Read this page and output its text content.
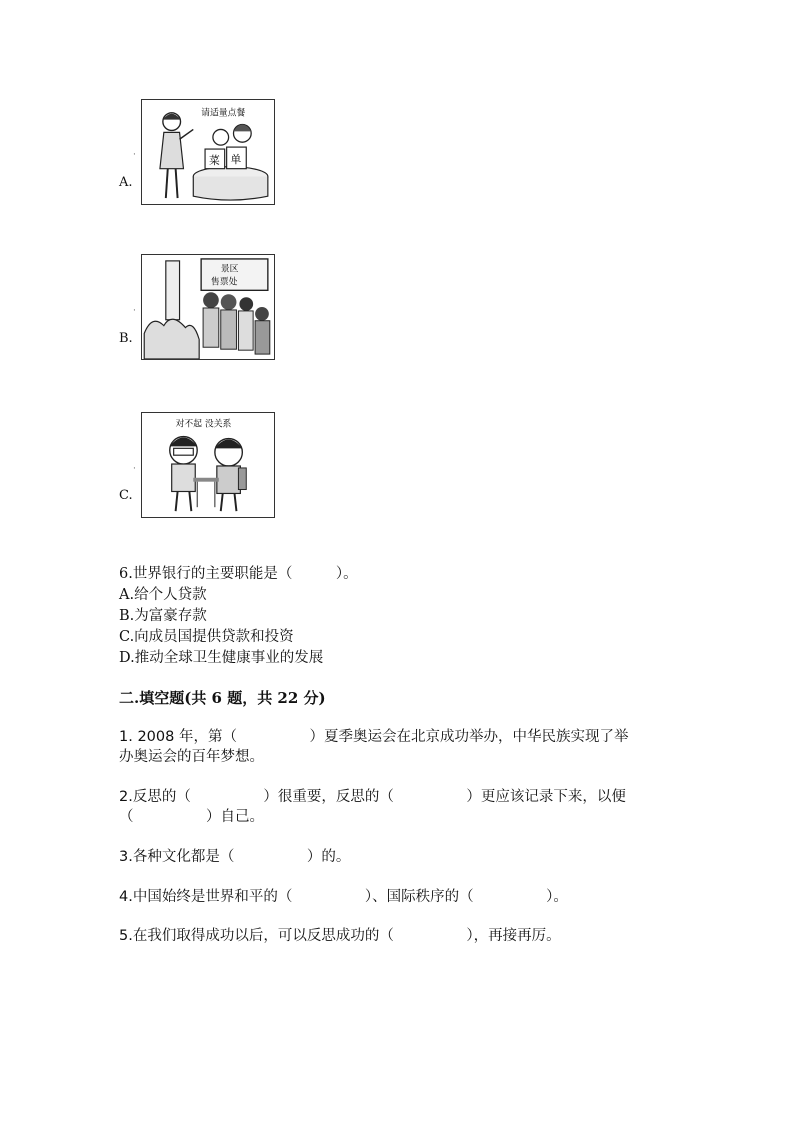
请适量点餐
菜 单
·
A.
景区
售票处
·
B.
对不起 没关系
·
C.
6.世界银行的主要职能是（　　　）。
A.给个人贷款
B.为富豪存款
C.向成员国提供贷款和投资
D.推动全球卫生健康事业的发展
二.填空题(共 6 题，共 22 分)
1. 2008 年，第（　　　　　）夏季奥运会在北京成功举办，中华民族实现了举
办奥运会的百年梦想。
2.反思的（　　　　　）很重要，反思的（　　　　　）更应该记录下来，以便
（　　　　　）自己。
3.各种文化都是（　　　　　）的。
4.中国始终是世界和平的（　　　　　）、国际秩序的（　　　　　）。
5.在我们取得成功以后，可以反思成功的（　　　　　），再接再厉。
